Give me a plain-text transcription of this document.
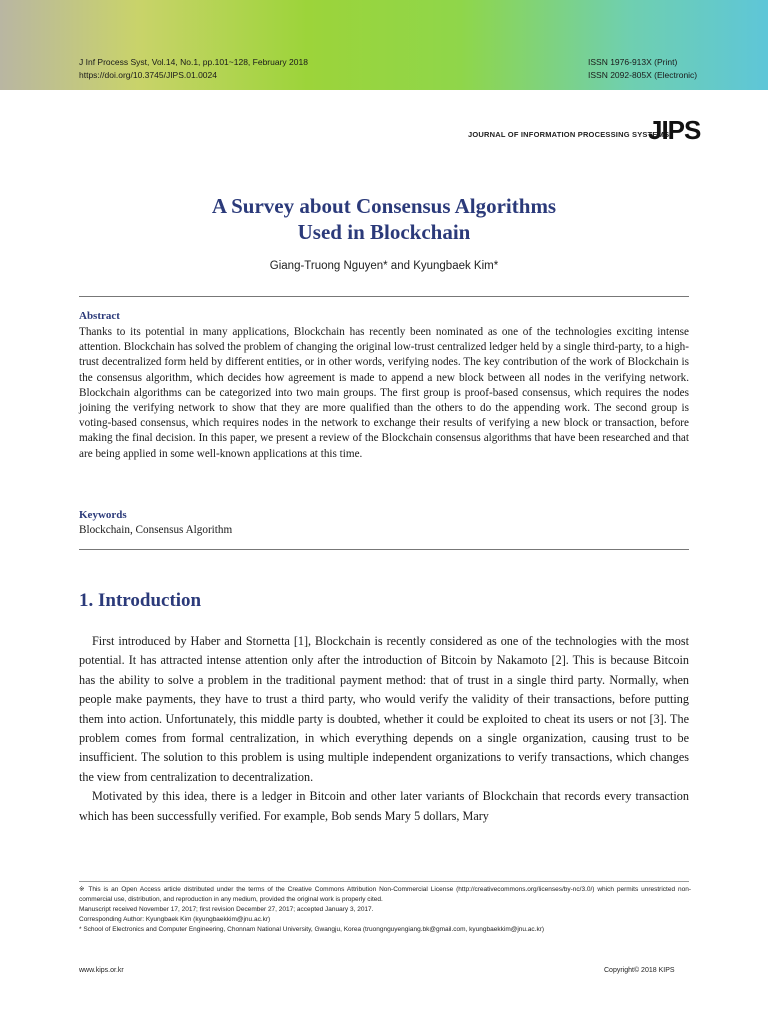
J Inf Process Syst, Vol.14, No.1, pp.101~128, February 2018
https://doi.org/10.3745/JIPS.01.0024
ISSN 1976-913X (Print)
ISSN 2092-805X (Electronic)
JOURNAL OF INFORMATION PROCESSING SYSTEMS
JIPS
A Survey about Consensus Algorithms
Used in Blockchain
Giang-Truong Nguyen* and Kyungbaek Kim*
Abstract

Thanks to its potential in many applications, Blockchain has recently been nominated as one of the technologies exciting intense attention. Blockchain has solved the problem of changing the original low-trust centralized ledger held by a single third-party, to a high-trust decentralized form held by different entities, or in other words, verifying nodes. The key contribution of the work of Blockchain is the consensus algorithm, which decides how agreement is made to append a new block between all nodes in the verifying network. Blockchain algorithms can be categorized into two main groups. The first group is proof-based consensus, which requires the nodes joining the verifying network to show that they are more qualified than the others to do the appending work. The second group is voting-based consensus, which requires nodes in the network to exchange their results of verifying a new block or transaction, before making the final decision. In this paper, we present a review of the Blockchain consensus algorithms that have been researched and that are being applied in some well-known applications at this time.

Keywords
Blockchain, Consensus Algorithm
1. Introduction

First introduced by Haber and Stornetta [1], Blockchain is recently considered as one of the technologies with the most potential. It has attracted intense attention only after the introduction of Bitcoin by Nakamoto [2]. This is because Bitcoin has the ability to solve a problem in the traditional payment method: that of trust in a single third party. Normally, when people make payments, they have to trust a third party, who would verify the validity of their transactions, before putting them into action. Unfortunately, this middle party is doubted, whether it could be exploited to cheat its users or not [3]. The problem comes from formal centralization, in which everything depends on a single organization, causing trust to be insufficient. The solution to this problem is using multiple independent organizations to verify transactions, which changes the view from centralization to decentralization.

Motivated by this idea, there is a ledger in Bitcoin and other later variants of Blockchain that records every transaction which has been successfully verified. For example, Bob sends Mary 5 dollars, Mary

※ This is an Open Access article distributed under the terms of the Creative Commons Attribution Non-Commercial License (http://creativecommons.org/licenses/by-nc/3.0/) which permits unrestricted non-commercial use, distribution, and reproduction in any medium, provided the original work is properly cited.
Manuscript received November 17, 2017; first revision December 27, 2017; accepted January 3, 2017.
Corresponding Author: Kyungbaek Kim (kyungbaekkim@jnu.ac.kr)
* School of Electronics and Computer Engineering, Chonnam National University, Gwangju, Korea (truongnguyengiang.bk@gmail.com, kyungbaekkim@jnu.ac.kr)
www.kips.or.kr	Copyright© 2018 KIPS
